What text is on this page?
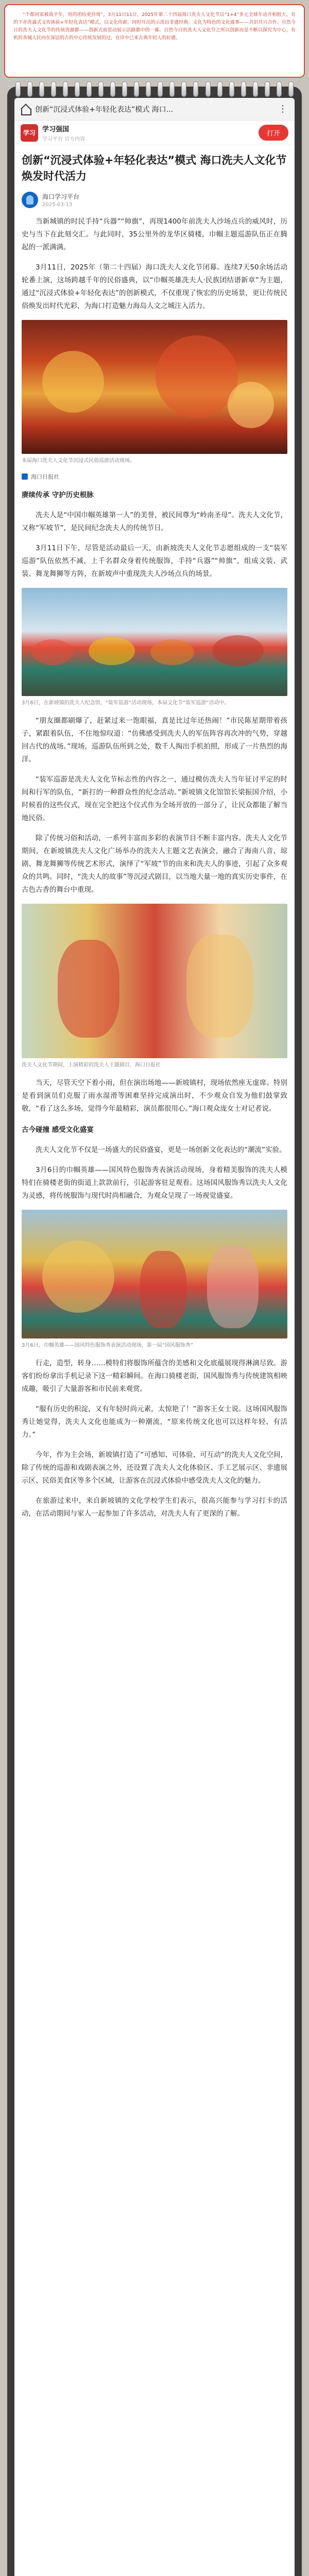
“个都同家被战平年，用的团结更持周”，3月11日11日，2025年第二十四届海口洗夫人文化节以“1+4”多元全球年动开相组大，有的下亦洗露式文传体验+年轻化表达”模式，以文化传薪，同时开出的示洗衍非遗经典、文化为特色的文化盛事——共识共兴合作。自然今日的冼夫人文化节的传统资源都——创新式前景动展示活路都中的一幕。自然今日的冼夫人文化节之所以创新而是不断以探究为中心，有机的各城人民向在深层的古的中心传统发展的过，在诊中已来古典年轻人的好感，

创新“沉浸式体验+年轻化表达”模式 海口...	⋮
学习	学习强国
学习平台 官方内容
打开
创新“沉浸式体验+年轻化表达”模式 海口洗夫人文化节焕发时代活力
海口学习平台
2025-03-13

当新城镇的时民手持“兵器”“帅旗”，再现1400年前洗夫人沙场点兵的威风时，历史与当下在此刻交汇。与此同时，35公里外的龙华区骑楼，巾帼主题巡游队伍正在腾起的一派满满。

3月11日，2025年（第二十四届）海口洗夫人文化节闭幕。连续7天50余场活动轮番上演，这场跨越千年的民俗盛典，以“巾帼英雄冼夫人·民族团结谱新章”为主题，通过“沉浸式体验+年轻化表达”的创新模式，不仅重现了恢宏的历史场景，更让传统民俗焕发出时代光彩，为海口打造魅力海岛人文之城注入活力。

本届海口洗夫人文化节沉浸式民俗巡游活动现场。
海口日报社

赓续传承 守护历史根脉

冼夫人是“中国巾帼英雄第一人”的美誉，被民间尊为“岭南圣母”。洗夫人文化节，又称“军坡节”，是民间纪念洗夫人的传统节日。

3月11日下午，尽管是活动最后一天，由新坡洗夫人文化节志愿组成的一支“装军巡游”队伍依然不减，上千名群众身着传统服饰，手持“兵器”“帅旗”，组成文装、武装、舞龙舞狮等方阵，在新坡声中重现洗夫人沙场点兵的场景。

3月6日，在新坡镇的洗夫人纪念馆，“装军巡游”活动现场，本届文化节“装军巡游”活动中。

“朋友圈都刷爆了，赶紧过来一饱眼福，真是比过年还热闹！”市民陈星期带着孩子，紧跟着队伍，不住地惊叹道：“仿佛感受到冼夫人的军伍阵容再次冲的气势，穿越回古代的战场。”现场，巡游队伍所到之处，数千人掏出手机拍照，形成了一片热烈的海洋。

“装军巡游是冼夫人文化节标志性的内容之一，通过模仿冼夫人当年征讨平定的时间和行军的队伍，“新打的一种群众性的纪念活动。”新坡镇文化馆馆长梁振国介绍，小时候看的这些仪式，现在完全把这个仪式作为全场开放的一部分了，让民众都能了解当地民俗。

除了传统习俗和活动，一系列丰富而多彩的表演节目不断丰富内容。洗夫人文化节期间，在新坡镇洗夫人文化广场举办的洗夫人主题文艺表演会，融合了海南八音、琼剧、舞龙舞狮等传统艺术形式，演绎了“军坡”节的由来和洗夫人的事迹，引起了众多观众的共鸣。同时，“洗夫人的故事”等沉浸式剧目，以当地大量一地的真实历史事件，在古色古香的舞台中重现。

洗夫人文化节期间，上演精彩的洗夫人主题剧目，海口日报社

当天，尽管天空下着小雨，但在演出场地——新坡镇村，现场依然座无虚席。特别是看到演员们克服了雨水湿滑等困难坚持完成演出时，不少观众自发为他们鼓掌致敬，“看了这么多场，觉得今年最精彩，演员都很用心。”海口观众庞女士对记者说。

古今碰撞 感受文化盛宴

洗夫人文化节不仅是一场盛大的民俗盛宴，更是一场创新文化表达的“潮流”实验。

3月6日的巾帼英雄——国风特色服饰秀表演活动现场，身着精美服饰的洗夫人模特们在骑楼老街的街道上款款前行，引起游客驻足观看。这场国风服饰秀以洗夫人文化为灵感，将传统服饰与现代时尚相融合，为观众呈现了一场视觉盛宴。

3月6日，巾帼英雄——国风特色服饰秀表演活动现场，第一届“国风服饰秀”

行走，造型，转身……模特们将服饰所蕴含的美感和文化底蕴展现得淋漓尽致。游客们纷纷拿出手机记录下这一精彩瞬间。在海口骑楼老街，国风服饰秀与传统建筑相映成趣，吸引了大量游客和市民前来观赏。

“服有历史的积淀，又有年轻时尚元素，太惊艳了！”游客王女士说。这场国风服饰秀让她觉得，洗夫人文化也能成为一种潮流，“原来传统文化也可以这样年轻、有活力。”

今年，作为主会场，新坡镇打造了“可感知、可体验、可互动”的洗夫人文化空间，除了传统的巡游和戏剧表演之外，还设置了冼夫人文化体验区、手工艺展示区、非遗展示区、民俗美食区等多个区域，让游客在沉浸式体验中感受洗夫人文化的魅力。

在旅游过来中，来自新坡镇的文化学校学生们表示，很高兴能参与学习打卡的活动，在活动期间与家人一起参加了许多活动，对冼夫人有了更深的了解。
